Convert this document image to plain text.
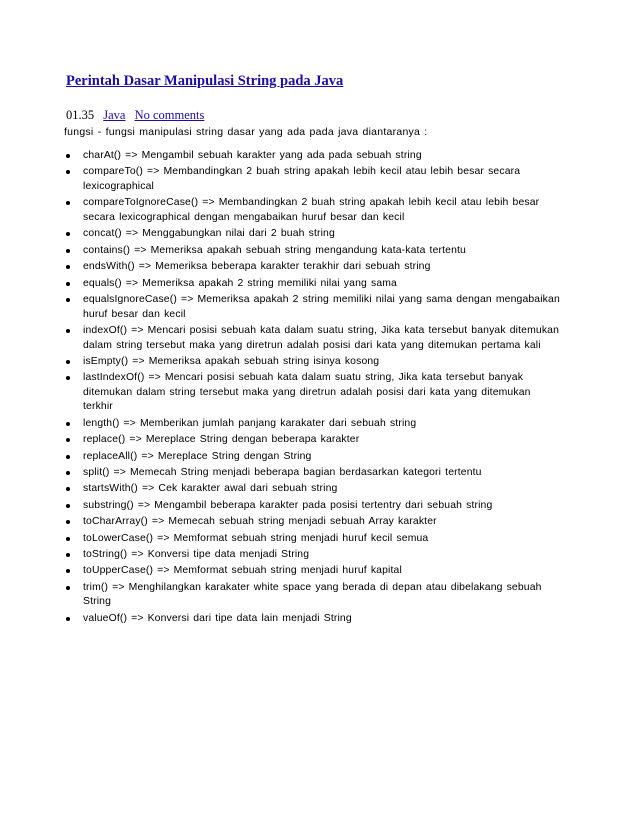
Perintah Dasar Manipulasi String pada Java
01.35 Java No comments

fungsi - fungsi manipulasi string dasar yang ada pada java diantaranya :

charAt() => Mengambil sebuah karakter yang ada pada sebuah string
compareTo() => Membandingkan 2 buah string apakah lebih kecil atau lebih besar secara lexicographical
compareToIgnoreCase() => Membandingkan 2 buah string apakah lebih kecil atau lebih besar secara lexicographical dengan mengabaikan huruf besar dan kecil
concat() => Menggabungkan nilai dari 2 buah string
contains() => Memeriksa apakah sebuah string mengandung kata-kata tertentu
endsWith() => Memeriksa beberapa karakter terakhir dari sebuah string
equals() => Memeriksa apakah 2 string memiliki nilai yang sama
equalsIgnoreCase() => Memeriksa apakah 2 string memiliki nilai yang sama dengan mengabaikan huruf besar dan kecil
indexOf() => Mencari posisi sebuah kata dalam suatu string, Jika kata tersebut banyak ditemukan dalam string tersebut maka yang diretrun adalah posisi dari kata yang ditemukan pertama kali
isEmpty() => Memeriksa apakah sebuah string isinya kosong
lastIndexOf() => Mencari posisi sebuah kata dalam suatu string, Jika kata tersebut banyak ditemukan dalam string tersebut maka yang diretrun adalah posisi dari kata yang ditemukan terkhir
length() => Memberikan jumlah panjang karakater dari sebuah string
replace() => Mereplace String dengan beberapa karakter
replaceAll() => Mereplace String dengan String
split() => Memecah String menjadi beberapa bagian berdasarkan kategori tertentu
startsWith() => Cek karakter awal dari sebuah string
substring() => Mengambil beberapa karakter pada posisi tertentry dari sebuah string
toCharArray() => Memecah sebuah string menjadi sebuah Array karakter
toLowerCase() => Memformat sebuah string menjadi huruf kecil semua
toString() => Konversi tipe data menjadi String
toUpperCase() => Memformat sebuah string menjadi huruf kapital
trim() => Menghilangkan karakater white space yang berada di depan atau dibelakang sebuah String
valueOf() => Konversi dari tipe data lain menjadi String
